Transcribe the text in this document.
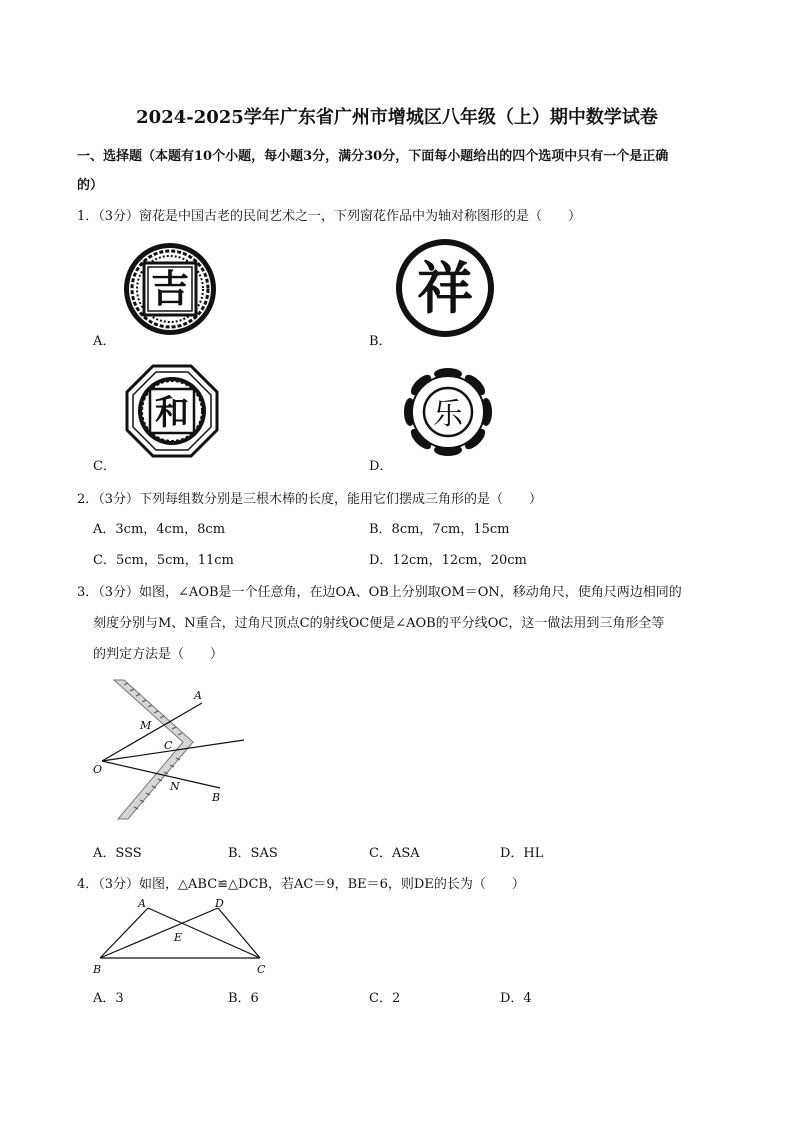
2024-2025学年广东省广州市增城区八年级（上）期中数学试卷
一、选择题（本题有10个小题，每小题3分，满分30分，下面每小题给出的四个选项中只有一个是正确
的）
1．（3分）窗花是中国古老的民间艺术之一，下列窗花作品中为轴对称图形的是（　　）
A．
吉
B．
祥
C．
和
D．
乐
2．（3分）下列每组数分别是三根木棒的长度，能用它们摆成三角形的是（　　）
A．3cm，4cm，8cm	B．8cm，7cm，15cm
C．5cm，5cm，11cm	D．12cm，12cm，20cm
3．（3分）如图，∠AOB是一个任意角，在边OA、OB上分别取OM＝ON，移动角尺，使角尺两边相同的
刻度分别与M、N重合，过角尺顶点C的射线OC便是∠AOB的平分线OC，这一做法用到三角形全等
的判定方法是（　　）
A
M
C
O
N
B
A．SSS	B．SAS	C．ASA	D．HL
4．（3分）如图，△ABC≌△DCB，若AC＝9，BE＝6，则DE的长为（　　）
A	D
E
B	C
A．3	B．6	C．2	D．4
